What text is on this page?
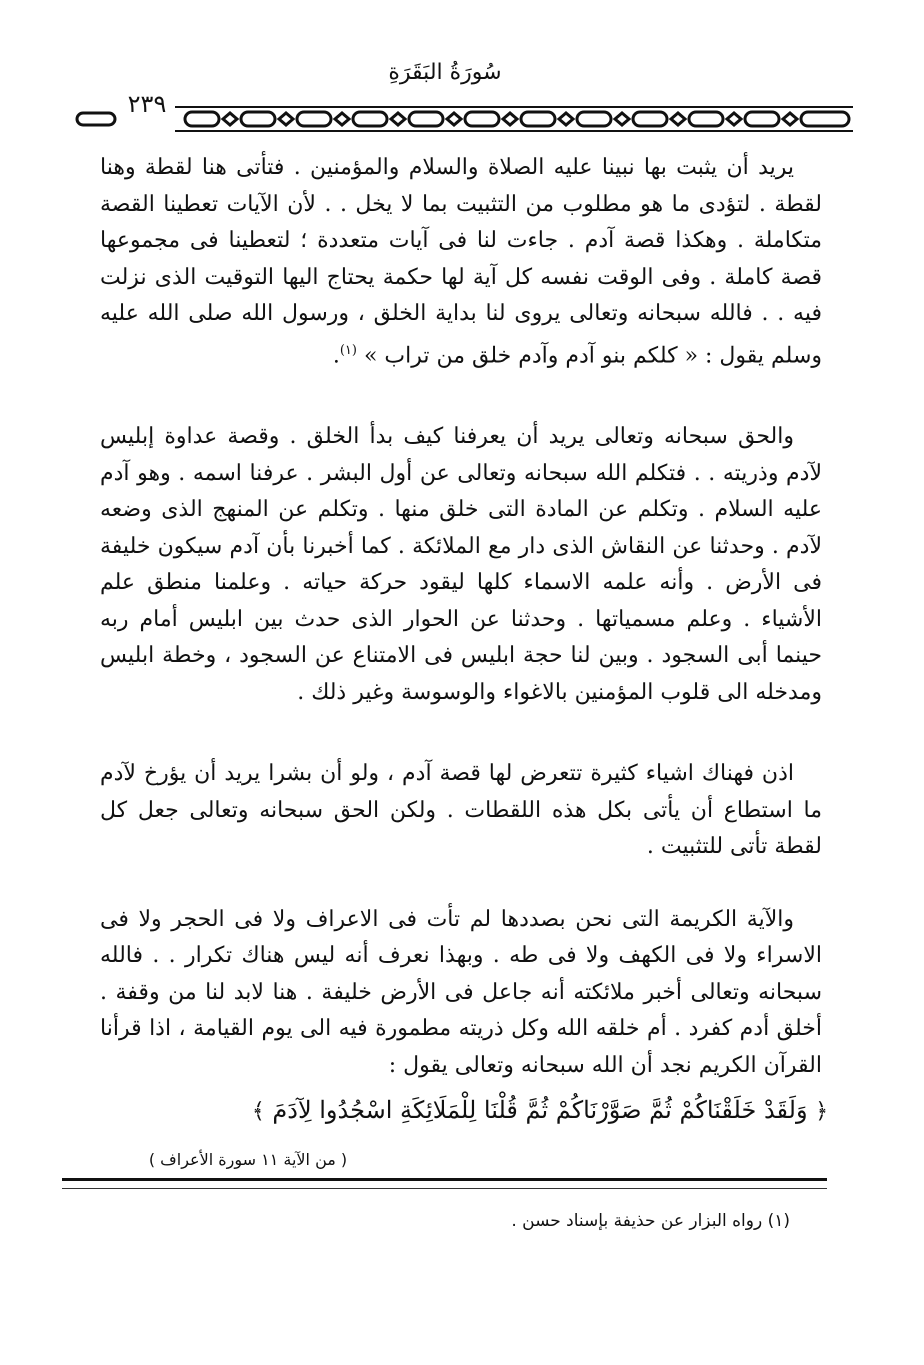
سُورَةُ البَقَرَةِ
٢٣٩

يريد أن يثبت بها نبينا عليه الصلاة والسلام والمؤمنين . فتأتى هنا لقطة وهنا لقطة . لتؤدى ما هو مطلوب من التثبيت بما لا يخل . . لأن الآيات تعطينا القصة متكاملة . وهكذا قصة آدم . جاءت لنا فى آيات متعددة ؛ لتعطينا فى مجموعها قصة كاملة . وفى الوقت نفسه كل آية لها حكمة يحتاج اليها التوقيت الذى نزلت فيه . . فالله سبحانه وتعالى يروى لنا بداية الخلق ، ورسول الله صلى الله عليه وسلم يقول : « كلكم بنو آدم وآدم خلق من تراب » $^{(١)}$.

والحق سبحانه وتعالى يريد أن يعرفنا كيف بدأ الخلق . وقصة عداوة إبليس لآدم وذريته . . فتكلم الله سبحانه وتعالى عن أول البشر . عرفنا اسمه . وهو آدم عليه السلام . وتكلم عن المادة التى خلق منها . وتكلم عن المنهج الذى وضعه لآدم . وحدثنا عن النقاش الذى دار مع الملائكة . كما أخبرنا بأن آدم سيكون خليفة فى الأرض . وأنه علمه الاسماء كلها ليقود حركة حياته . وعلمنا منطق علم الأشياء . وعلم مسمياتها . وحدثنا عن الحوار الذى حدث بين ابليس أمام ربه حينما أبى السجود . وبين لنا حجة ابليس فى الامتناع عن السجود ، وخطة ابليس ومدخله الى قلوب المؤمنين بالاغواء والوسوسة وغير ذلك .

اذن فهناك اشياء كثيرة تتعرض لها قصة آدم ، ولو أن بشرا يريد أن يؤرخ لآدم ما استطاع أن يأتى بكل هذه اللقطات . ولكن الحق سبحانه وتعالى جعل كل لقطة تأتى للتثبيت .

والآية الكريمة التى نحن بصددها لم تأت فى الاعراف ولا فى الحجر ولا فى الاسراء ولا فى الكهف ولا فى طه . وبهذا نعرف أنه ليس هناك تكرار . . فالله سبحانه وتعالى أخبر ملائكته أنه جاعل فى الأرض خليفة . هنا لابد لنا من وقفة . أخلق أدم كفرد . أم خلقه الله وكل ذريته مطمورة فيه الى يوم القيامة ، اذا قرأنا القرآن الكريم نجد أن الله سبحانه وتعالى يقول :

﴿ وَلَقَدْ خَلَقْنَاكُمْ ثُمَّ صَوَّرْنَاكُمْ ثُمَّ قُلْنَا لِلْمَلَائِكَةِ اسْجُدُوا لِآدَمَ ﴾
( من الآية ١١ سورة الأعراف )
(١) رواه البزار عن حذيفة بإسناد حسن .
